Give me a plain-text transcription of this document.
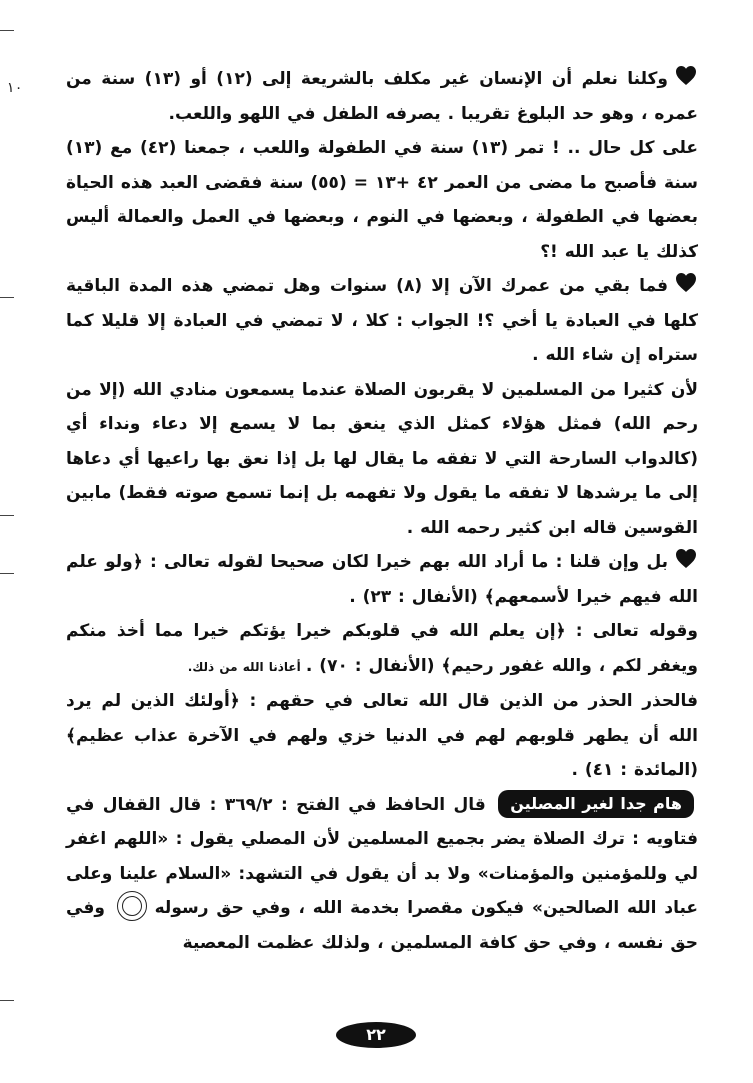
١٠	وكلنا نعلم أن الإنسان غير مكلف بالشريعة إلى (١٢) أو (١٣) سنة من عمره ، وهو حد البلوغ تقريبا . يصرفه الطفل في اللهو واللعب.

على كل حال .. ! تمر (١٣) سنة في الطفولة واللعب ، جمعنا (٤٢) مع (١٣) سنة فأصبح ما مضى من العمر ٤٢ +١٣ = (٥٥) سنة فقضى العبد هذه الحياة بعضها في الطفولة ، وبعضها في النوم ، وبعضها في العمل والعمالة أليس كذلك يا عبد الله !؟

فما بقي من عمرك الآن إلا (٨) سنوات وهل تمضي هذه المدة الباقية كلها في العبادة يا أخي ؟! الجواب : كلا ، لا تمضي في العبادة إلا قليلا كما ستراه إن شاء الله .

لأن كثيرا من المسلمين لا يقربون الصلاة عندما يسمعون منادي الله (إلا من رحم الله) فمثل هؤلاء كمثل الذي ينعق بما لا يسمع إلا دعاء ونداء أي (كالدواب السارحة التي لا تفقه ما يقال لها بل إذا نعق بها راعيها أي دعاها إلى ما يرشدها لا تفقه ما يقول ولا تفهمه بل إنما تسمع صوته فقط) مابين القوسين قاله ابن كثير رحمه الله .

بل وإن قلنا : ما أراد الله بهم خيرا لكان صحيحا لقوله تعالى : ﴿ولو علم الله فيهم خيرا لأسمعهم﴾ (الأنفال : ٢٣) .

وقوله تعالى : ﴿إن يعلم الله في قلوبكم خيرا يؤتكم خيرا مما أخذ منكم ويغفر لكم ، والله غفور رحيم﴾ (الأنفال : ٧٠) . أعاذنا الله من ذلك.

فالحذر الحذر من الذين قال الله تعالى في حقهم : ﴿أولئك الذين لم يرد الله أن يطهر قلوبهم لهم في الدنيا خزي ولهم في الآخرة عذاب عظيم﴾ (المائدة : ٤١) .

هام جدا لغير المصلين قال الحافظ في الفتح : ٣٦٩/٢ : قال القفال في فتاويه : ترك الصلاة يضر بجميع المسلمين لأن المصلي يقول : «اللهم اغفر لي وللمؤمنين والمؤمنات» ولا بد أن يقول في التشهد: «السلام علينا وعلى عباد الله الصالحين» فيكون مقصرا بخدمة الله ، وفي حق رسوله  وفي حق نفسه ، وفي حق كافة المسلمين ، ولذلك عظمت المعصية

٢٢
